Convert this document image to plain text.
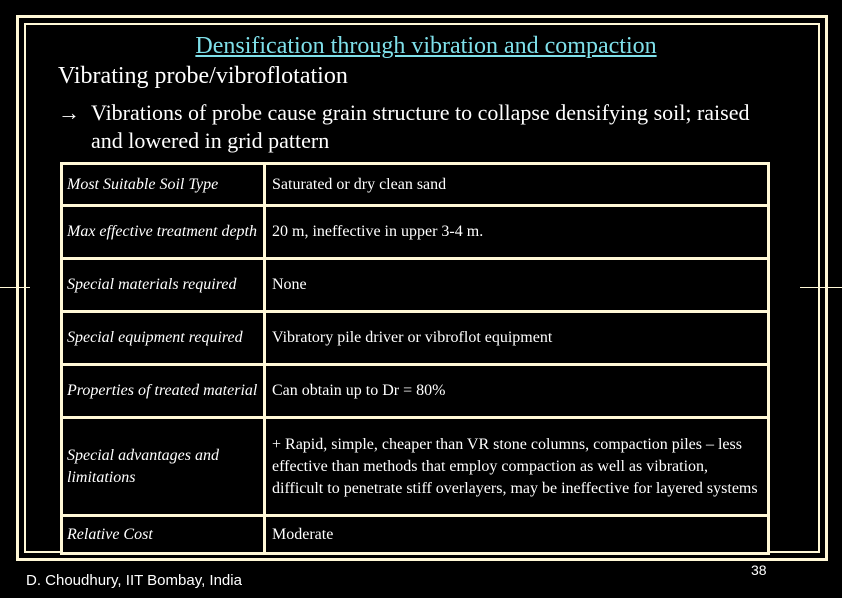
Densification through vibration and compaction
Vibrating probe/vibroflotation
→ Vibrations of probe cause grain structure to collapse densifying soil; raised and lowered in grid pattern
Most Suitable Soil Type	Saturated or dry clean sand
Max effective treatment depth	20 m, ineffective in upper 3-4 m.
Special materials required	None
Special equipment required	Vibratory pile driver or vibroflot equipment
Properties of treated material	Can obtain up to Dr = 80%
Special advantages and limitations	+ Rapid, simple, cheaper than VR stone columns, compaction piles – less effective than methods that employ compaction as well as vibration, difficult to penetrate stiff overlayers, may be ineffective for layered systems
Relative Cost	Moderate
D. Choudhury, IIT Bombay, India
38
